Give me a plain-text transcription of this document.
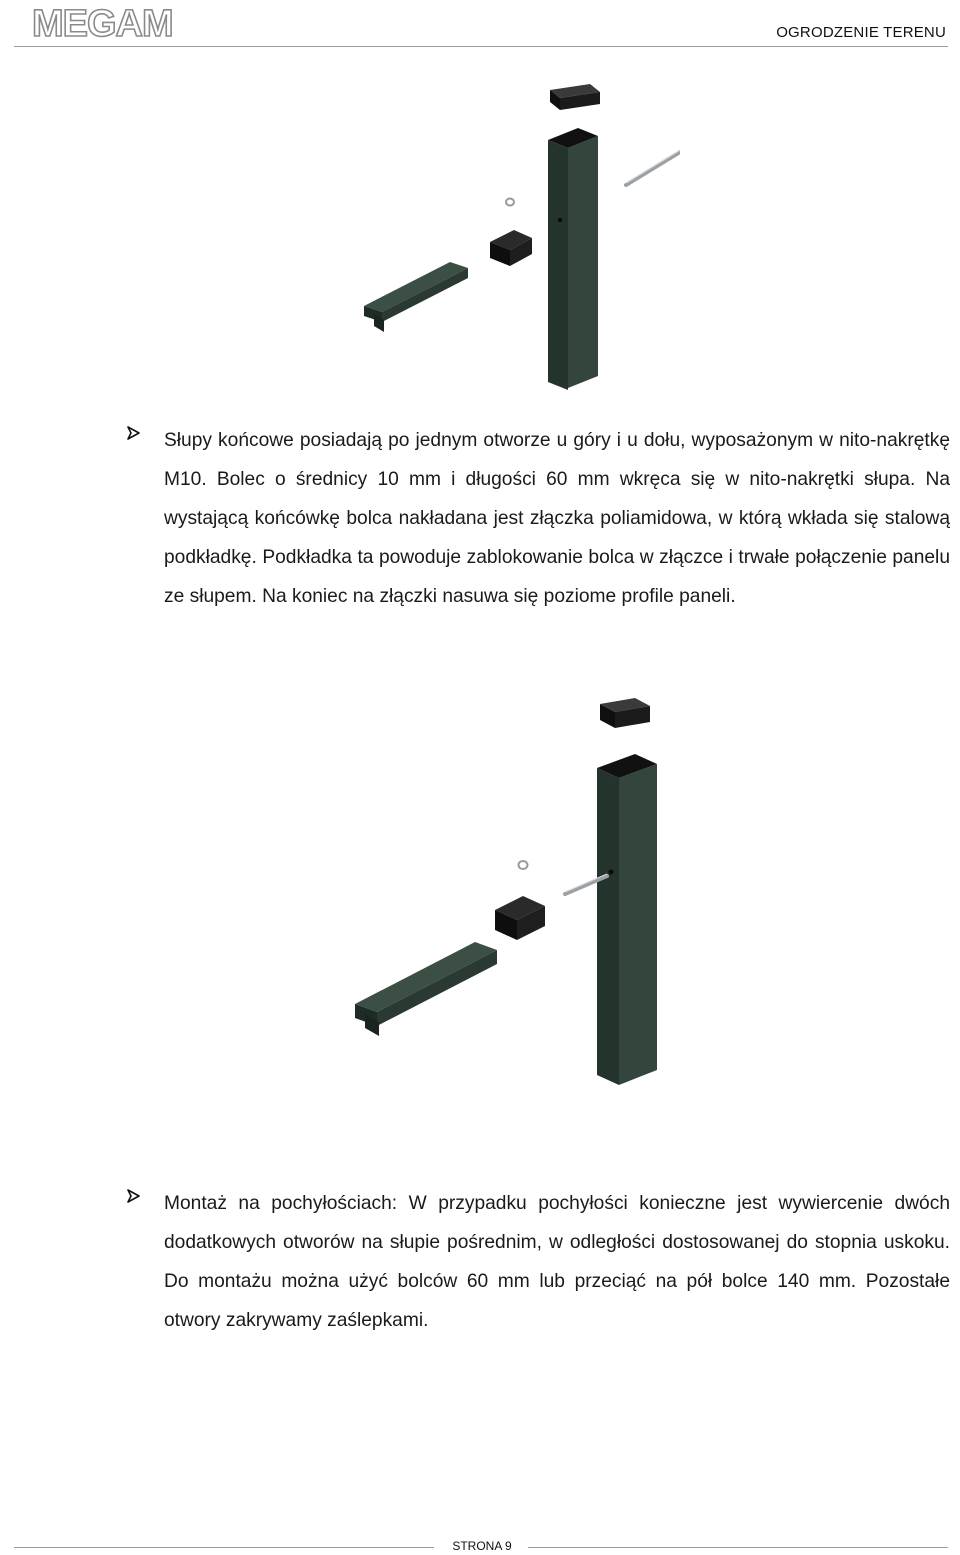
MEGAM	OGRODZENIE TERENU
Słupy końcowe posiadają po jednym otworze u góry i u dołu, wyposażonym w nito-nakrętkę M10. Bolec o średnicy 10 mm i długości 60 mm wkręca się w nito-nakrętki słupa. Na wystającą końcówkę bolca nakładana jest złączka poliamidowa, w którą wkłada się stalową podkładkę. Podkładka ta powoduje zablokowanie bolca w złączce i trwałe połączenie panelu ze słupem. Na koniec na złączki nasuwa się poziome profile paneli.
Montaż na pochyłościach: W przypadku pochyłości konieczne jest wywiercenie dwóch dodatkowych otworów na słupie pośrednim, w odległości dostosowanej do stopnia uskoku. Do montażu można użyć bolców 60 mm lub przeciąć na pół bolce 140 mm. Pozostałe otwory zakrywamy zaślepkami.
STRONA 9
